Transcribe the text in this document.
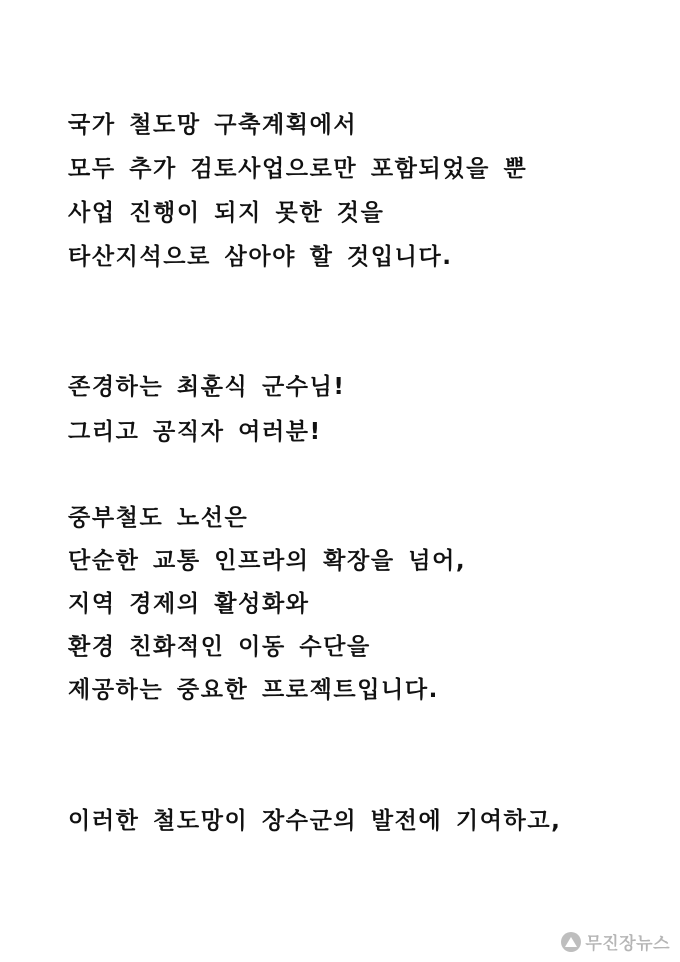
국가 철도망 구축계획에서
모두 추가 검토사업으로만 포함되었을 뿐
사업 진행이 되지 못한 것을
타산지석으로 삼아야 할 것입니다.
존경하는 최훈식 군수님!
그리고 공직자 여러분!
중부철도 노선은
단순한 교통 인프라의 확장을 넘어,
지역 경제의 활성화와
환경 친화적인 이동 수단을
제공하는 중요한 프로젝트입니다.
이러한 철도망이 장수군의 발전에 기여하고,
무진장뉴스
